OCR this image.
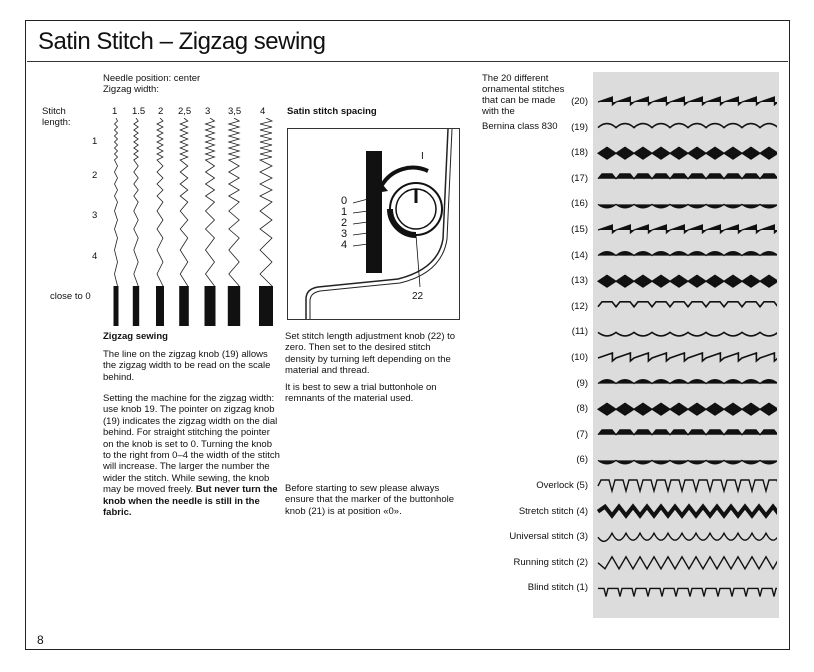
Satin Stitch – Zigzag sewing
Needle position: center
Zigzag width:
Stitch
length:
1 1.5 2 2,5 3 3,5 4
1
2
3
4
close to 0
Zigzag sewing
The line on the zigzag knob (19) allows the zigzag width to be read on the scale behind.
Setting the machine for the zigzag width: use knob 19. The pointer on zigzag knob (19) indicates the zigzag width on the dial behind. For straight stitching the pointer on the knob is set to 0. Turning the knob to the right from 0–4 the width of the stitch will increase. The larger the number the wider the stitch. While sewing, the knob may be moved freely. But never turn the knob when the needle is still in the fabric.
Satin stitch spacing
0
1
2
3
4
I
22
Set stitch length adjustment knob (22) to zero. Then set to the desired stitch density by turning left depending on the material and thread.
It is best to sew a trial buttonhole on remnants of the material used.
Before starting to sew please always ensure that the marker of the buttonhole knob (21) is at position «0».
The 20 different
ornamental stitches
that can be made
with the
Bernina class 830
(20)
(19)
(18)
(17)
(16)
(15)
(14)
(13)
(12)
(11)
(10)
(9)
(8)
(7)
(6)
Overlock (5)
Stretch stitch (4)
Universal stitch (3)
Running stitch (2)
Blind stitch (1)
8
